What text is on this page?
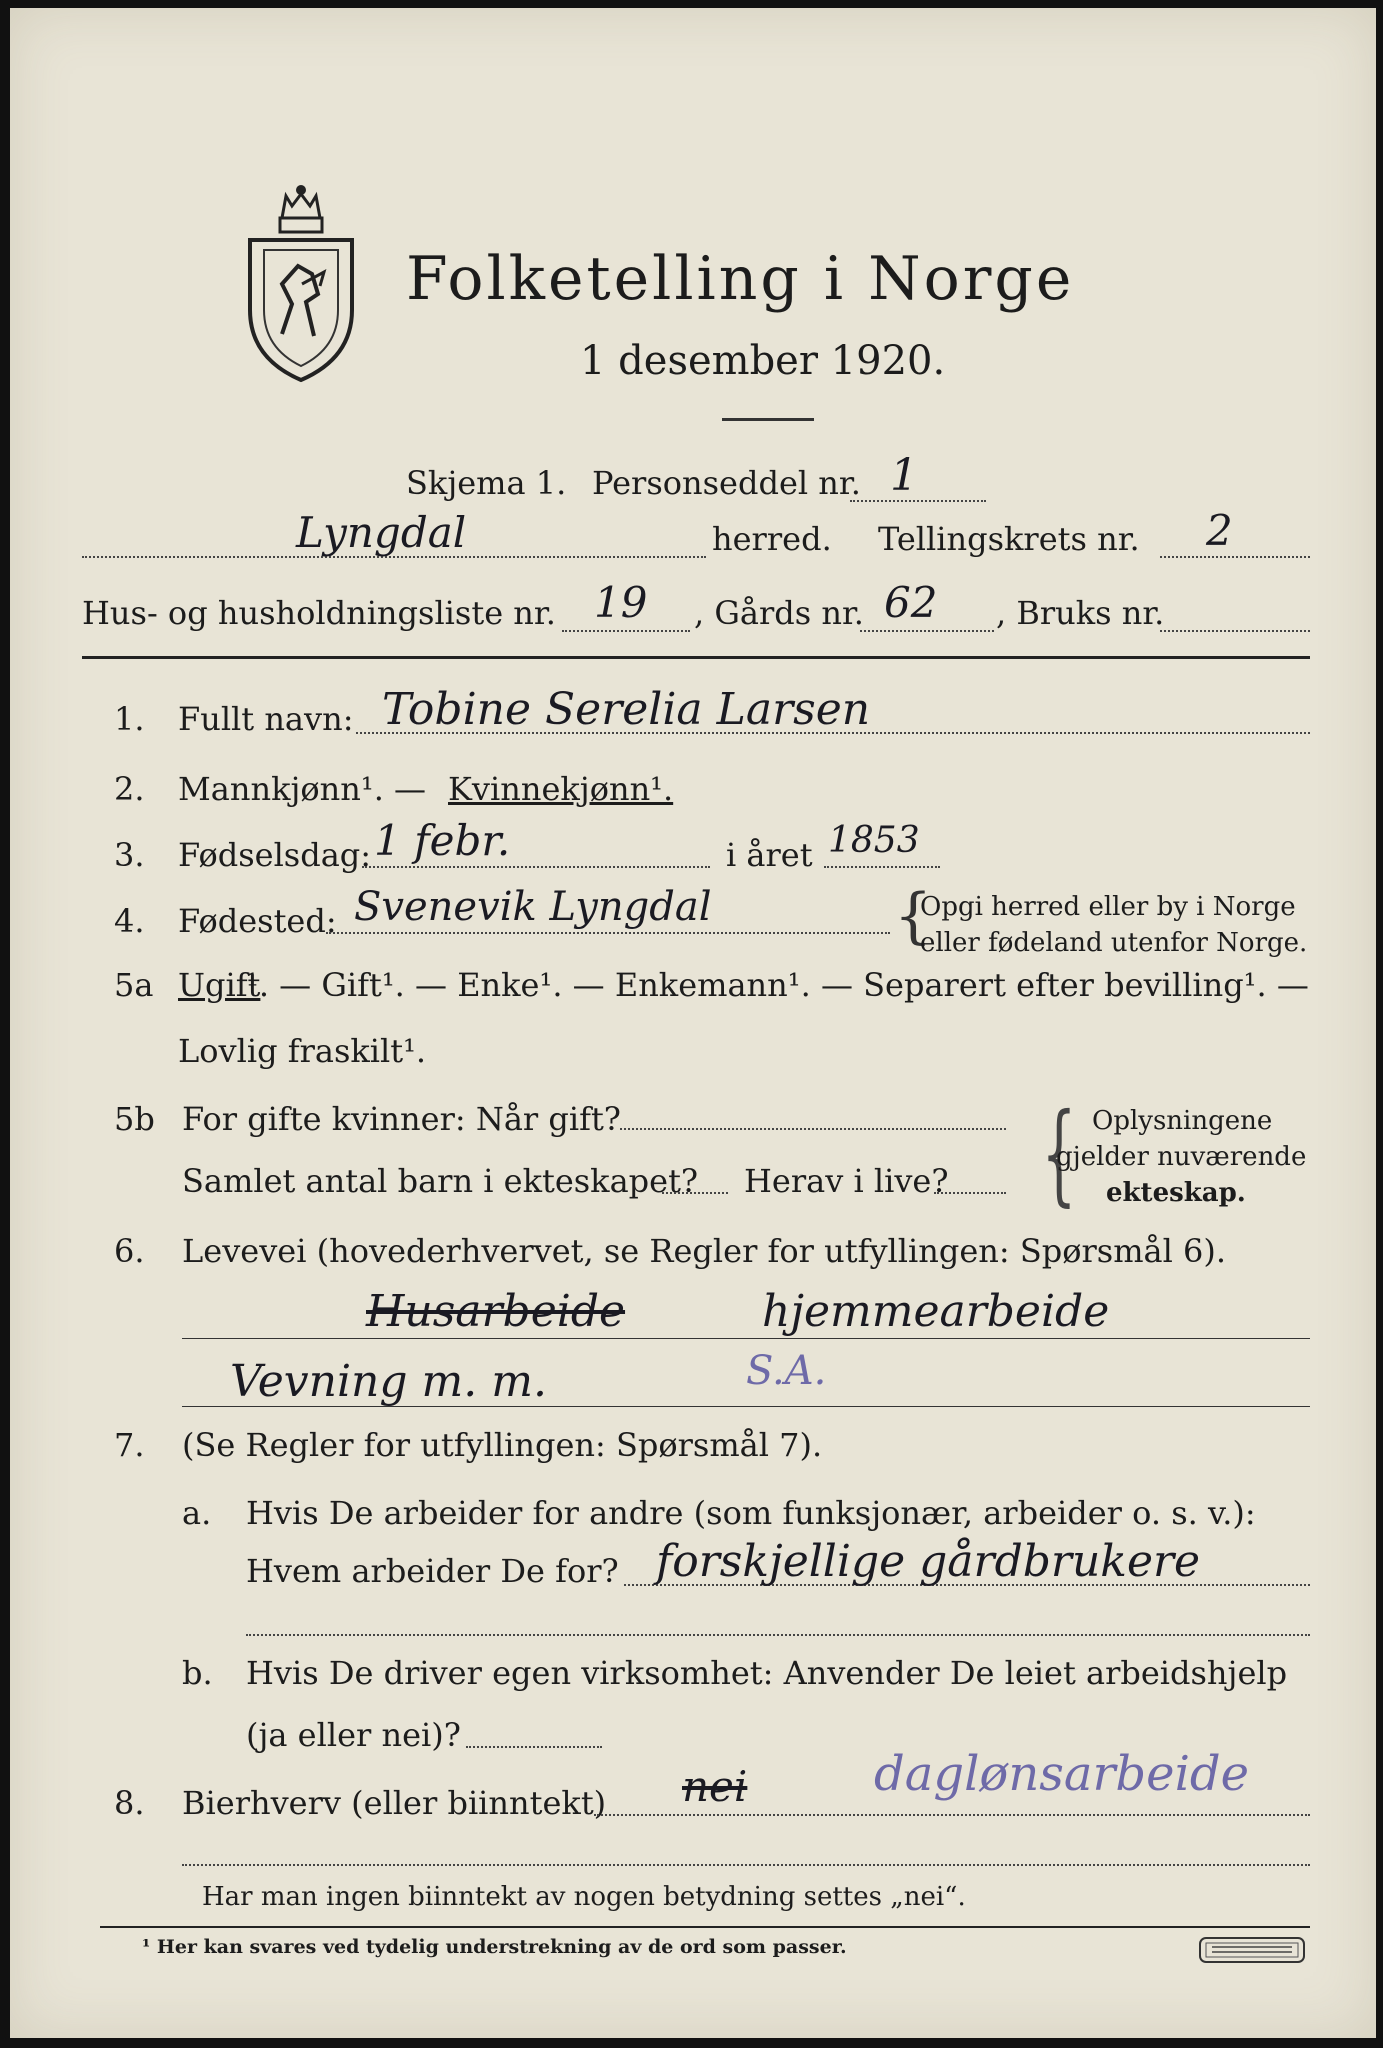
Folketelling i Norge
1 desember 1920.
Skjema 1. Personseddel nr. 1
Lyngdal	herred. Tellingskrets nr. 2
Hus- og husholdningsliste nr. 19 , Gårds nr. 62 , Bruks nr.
1. Fullt navn: Tobine Serelia Larsen
2. Mannkjønn¹. — Kvinnekjønn¹.
3. Fødselsdag: 1 febr.	i året 1853
4. Fødested: Svenevik Lyngdal	{
Opgi herred eller by i Norge
eller fødeland utenfor Norge.
5a Ugift
¹. — Gift¹. — Enke¹. — Enkemann¹. — Separert efter bevilling¹. —
Lovlig fraskilt¹.
5b For gifte kvinner: Når gift?
Samlet antal barn i ekteskapet? Herav i live? { Oplysningene
gjelder nuværende
ekteskap.
6. Levevei (hovederhvervet, se Regler for utfyllingen: Spørsmål 6).
Husarbeide	hjemmearbeide
Vevning m. m.	S.A.
7. (Se Regler for utfyllingen: Spørsmål 7).
a. Hvis De arbeider for andre (som funksjonær, arbeider o. s. v.):
Hvem arbeider De for? forskjellige gårdbrukere
b. Hvis De driver egen virksomhet: Anvender De leiet arbeidshjelp
(ja eller nei)?
8. Bierhverv (eller biinntekt) nei	daglønsarbeide
Har man ingen biinntekt av nogen betydning settes „nei“.
¹ Her kan svares ved tydelig understrekning av de ord som passer.
